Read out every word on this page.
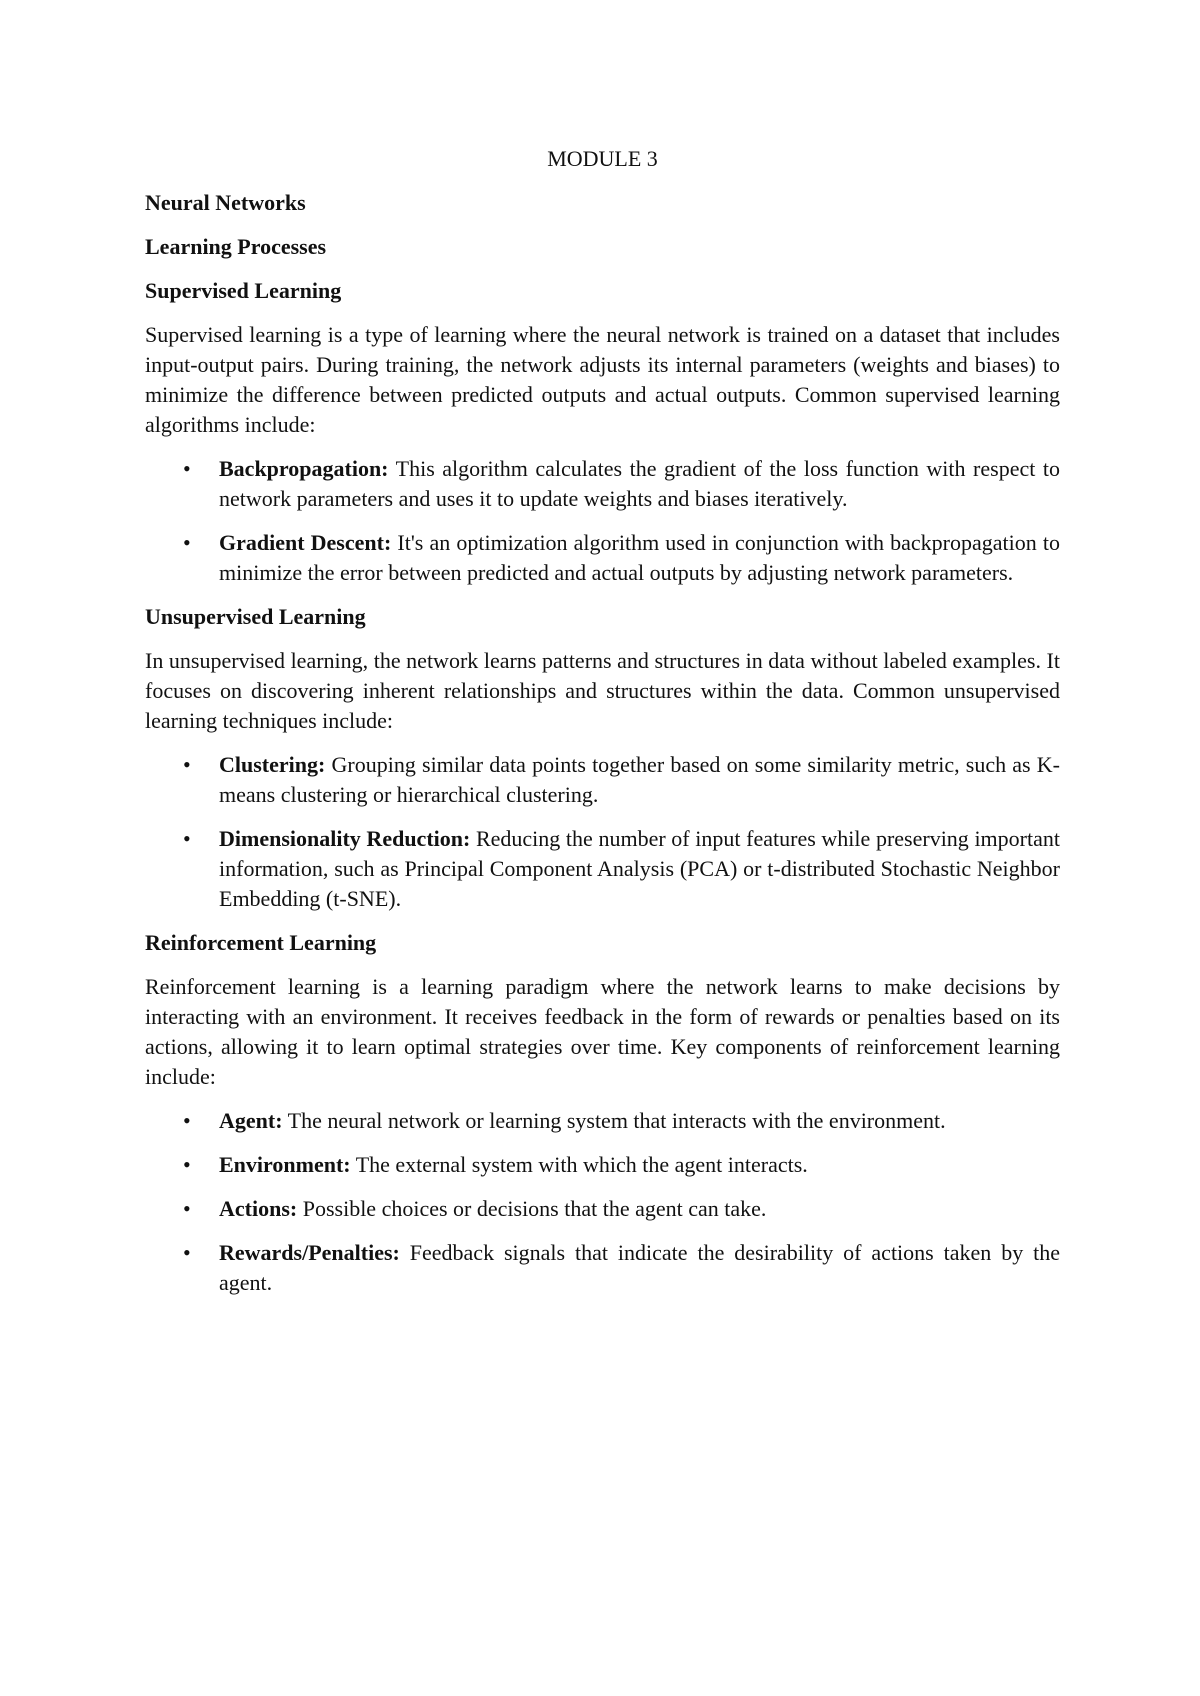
MODULE 3
Neural Networks
Learning Processes
Supervised Learning
Supervised learning is a type of learning where the neural network is trained on a dataset that includes input-output pairs. During training, the network adjusts its internal parameters (weights and biases) to minimize the difference between predicted outputs and actual outputs. Common supervised learning algorithms include:
• Backpropagation: This algorithm calculates the gradient of the loss function with respect to network parameters and uses it to update weights and biases iteratively.
• Gradient Descent: It's an optimization algorithm used in conjunction with backpropagation to minimize the error between predicted and actual outputs by adjusting network parameters.
Unsupervised Learning
In unsupervised learning, the network learns patterns and structures in data without labeled examples. It focuses on discovering inherent relationships and structures within the data. Common unsupervised learning techniques include:
• Clustering: Grouping similar data points together based on some similarity metric, such as K-means clustering or hierarchical clustering.
• Dimensionality Reduction: Reducing the number of input features while preserving important information, such as Principal Component Analysis (PCA) or t-distributed Stochastic Neighbor Embedding (t-SNE).
Reinforcement Learning
Reinforcement learning is a learning paradigm where the network learns to make decisions by interacting with an environment. It receives feedback in the form of rewards or penalties based on its actions, allowing it to learn optimal strategies over time. Key components of reinforcement learning include:
• Agent: The neural network or learning system that interacts with the environment.
• Environment: The external system with which the agent interacts.
• Actions: Possible choices or decisions that the agent can take.
• Rewards/Penalties: Feedback signals that indicate the desirability of actions taken by the agent.
